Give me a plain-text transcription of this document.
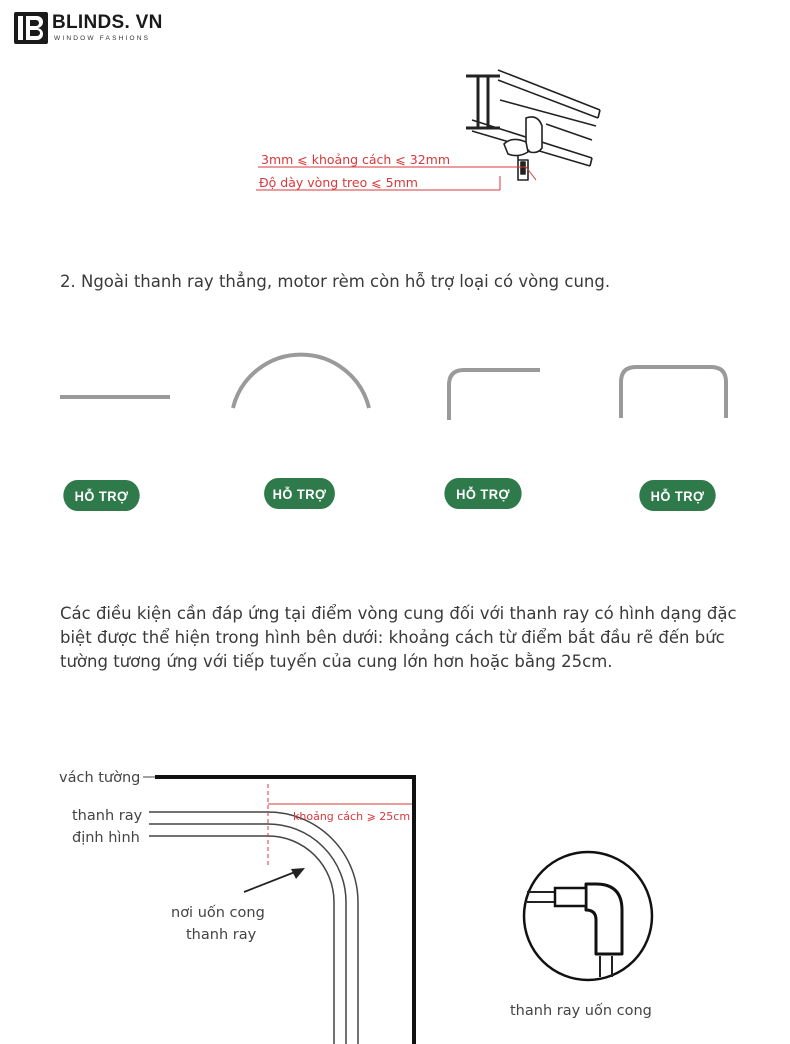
BLINDS. VN
WINDOW FASHIONS
3mm ⩽ khoảng cách ⩽ 32mm
Độ dày vòng treo ⩽ 5mm
2. Ngoài thanh ray thẳng, motor rèm còn hỗ trợ loại có vòng cung.
HỖ TRỢ	HỖ TRỢ	HỖ TRỢ	HỖ TRỢ
Các điều kiện cần đáp ứng tại điểm vòng cung đối với thanh ray có hình dạng đặc biệt được thể hiện trong hình bên dưới: khoảng cách từ điểm bắt đầu rẽ đến bức tường tương ứng với tiếp tuyến của cung lớn hơn hoặc bằng 25cm.
vách tường
thanh ray
định hình
khoảng cách ⩾ 25cm
nơi uốn cong
thanh ray
thanh ray uốn cong
